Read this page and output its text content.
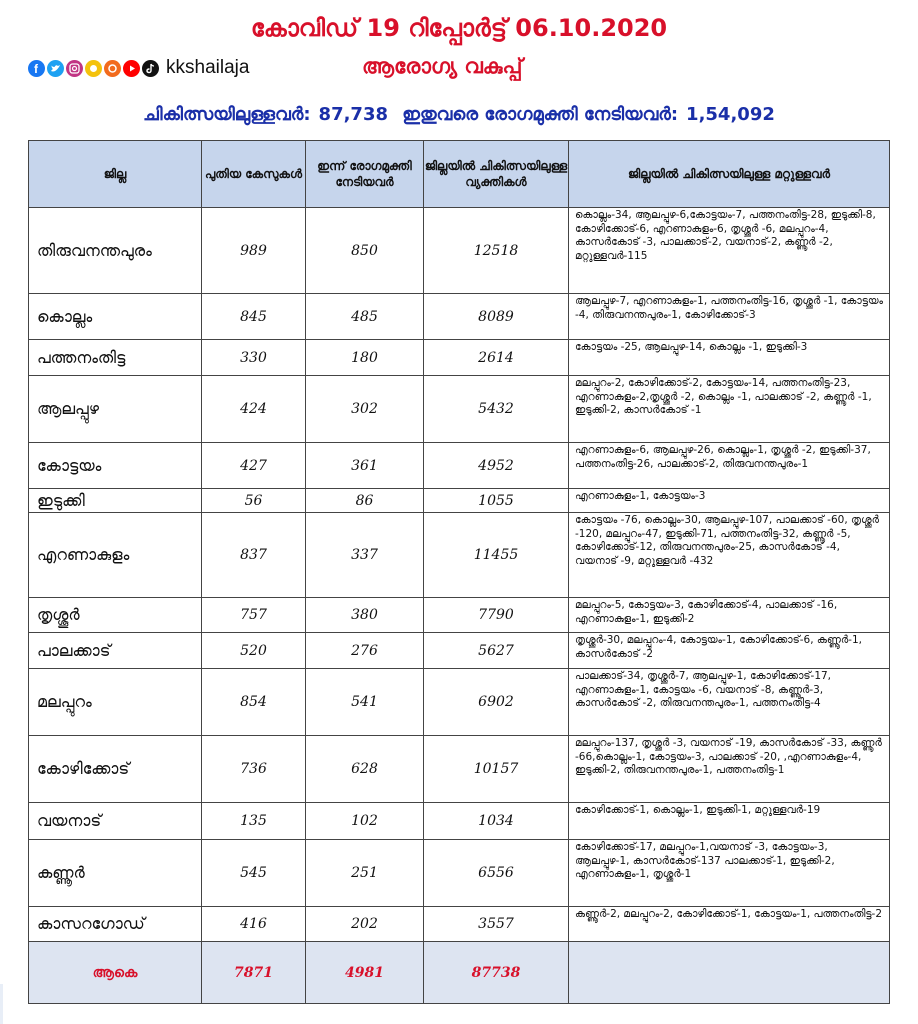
കോവിഡ് 19 റിപ്പോർട്ട് 06.10.2020
f	kkshailaja	ആരോഗ്യ വകുപ്പ്
ചികിത്സയിലുള്ളവർ: 87,738 ഇതുവരെ രോഗമുക്തി നേടിയവർ: 1,54,092
ജില്ല	പുതിയ കേസുകൾ	ഇന്ന് രോഗമുക്തി നേടിയവർ	ജില്ലയിൽ ചികിത്സയിലുള്ള വ്യക്തികൾ	ജില്ലയിൽ ചികിത്സയിലുള്ള മറ്റുള്ളവർ
തിരുവനന്തപുരം	989	850	12518	കൊല്ലം-34, ആലപ്പുഴ-6,കോട്ടയം-7, പത്തനംതിട്ട-28, ഇടുക്കി-8, കോഴിക്കോട്-6, എറണാകുളം-6, തൃശ്ശൂർ -6, മലപ്പുറം-4, കാസർകോട് -3, പാലക്കാട്-2, വയനാട്-2, കണ്ണൂർ -2, മറ്റുള്ളവർ-115
കൊല്ലം	845	485	8089	ആലപ്പുഴ-7, എറണാകുളം-1, പത്തനംതിട്ട-16, തൃശ്ശൂർ -1, കോട്ടയം -4, തിരുവനന്തപുരം-1, കോഴിക്കോട്-3
പത്തനംതിട്ട	330	180	2614	കോട്ടയം -25, ആലപ്പുഴ-14, കൊല്ലം -1, ഇടുക്കി-3
ആലപ്പുഴ	424	302	5432	മലപ്പുറം-2, കോഴിക്കോട്-2, കോട്ടയം-14, പത്തനംതിട്ട-23, എറണാകുളം-2,തൃശ്ശൂർ -2, കൊല്ലം -1, പാലക്കാട് -2, കണ്ണൂർ -1, ഇടുക്കി-2, കാസർകോട് -1
കോട്ടയം	427	361	4952	എറണാകുളം-6, ആലപ്പുഴ-26, കൊല്ലം-1, തൃശ്ശൂർ -2, ഇടുക്കി-37, പത്തനംതിട്ട-26, പാലക്കാട്-2, തിരുവനന്തപുരം-1
ഇടുക്കി	56	86	1055	എറണാകുളം-1, കോട്ടയം-3
എറണാകുളം	837	337	11455	കോട്ടയം -76, കൊല്ലം-30, ആലപ്പുഴ-107, പാലക്കാട് -60, തൃശ്ശൂർ -120, മലപ്പുറം-47, ഇടുക്കി-71, പത്തനംതിട്ട-32, കണ്ണൂർ -5, കോഴിക്കോട്-12, തിരുവനന്തപുരം-25, കാസർകോട് -4, വയനാട് -9, മറ്റുള്ളവർ -432
തൃശ്ശൂർ	757	380	7790	മലപ്പുറം-5, കോട്ടയം-3, കോഴിക്കോട്-4, പാലക്കാട് -16, എറണാകുളം-1, ഇടുക്കി-2
പാലക്കാട്	520	276	5627	തൃശ്ശൂർ-30, മലപ്പുറം-4, കോട്ടയം-1, കോഴിക്കോട്-6, കണ്ണൂർ-1, കാസർകോട് -2
മലപ്പുറം	854	541	6902	പാലക്കാട്-34, തൃശ്ശൂർ-7, ആലപ്പുഴ-1, കോഴിക്കോട്-17, എറണാകുളം-1, കോട്ടയം -6, വയനാട് -8, കണ്ണൂർ-3, കാസർകോട് -2, തിരുവനന്തപുരം-1, പത്തനംതിട്ട-4
കോഴിക്കോട്	736	628	10157	മലപ്പുറം-137, തൃശ്ശൂർ -3, വയനാട് -19, കാസർകോട് -33, കണ്ണൂർ -66,കൊല്ലം-1, കോട്ടയം-3, പാലക്കാട് -20, ,എറണാകുളം-4, ഇടുക്കി-2, തിരുവനന്തപുരം-1, പത്തനംതിട്ട-1
വയനാട്	135	102	1034	കോഴിക്കോട്-1, കൊല്ലം-1, ഇടുക്കി-1, മറ്റുള്ളവർ-19
കണ്ണൂർ	545	251	6556	കോഴിക്കോട്-17, മലപ്പുറം-1,വയനാട് -3, കോട്ടയം-3, ആലപ്പുഴ-1, കാസർകോട്-137 പാലക്കാട്-1, ഇടുക്കി-2, എറണാകുളം-1, തൃശ്ശൂർ-1
കാസറഗോഡ്	416	202	3557	കണ്ണൂർ-2, മലപ്പുറം-2, കോഴിക്കോട്-1, കോട്ടയം-1, പത്തനംതിട്ട-2
ആകെ	7871	4981	87738	
